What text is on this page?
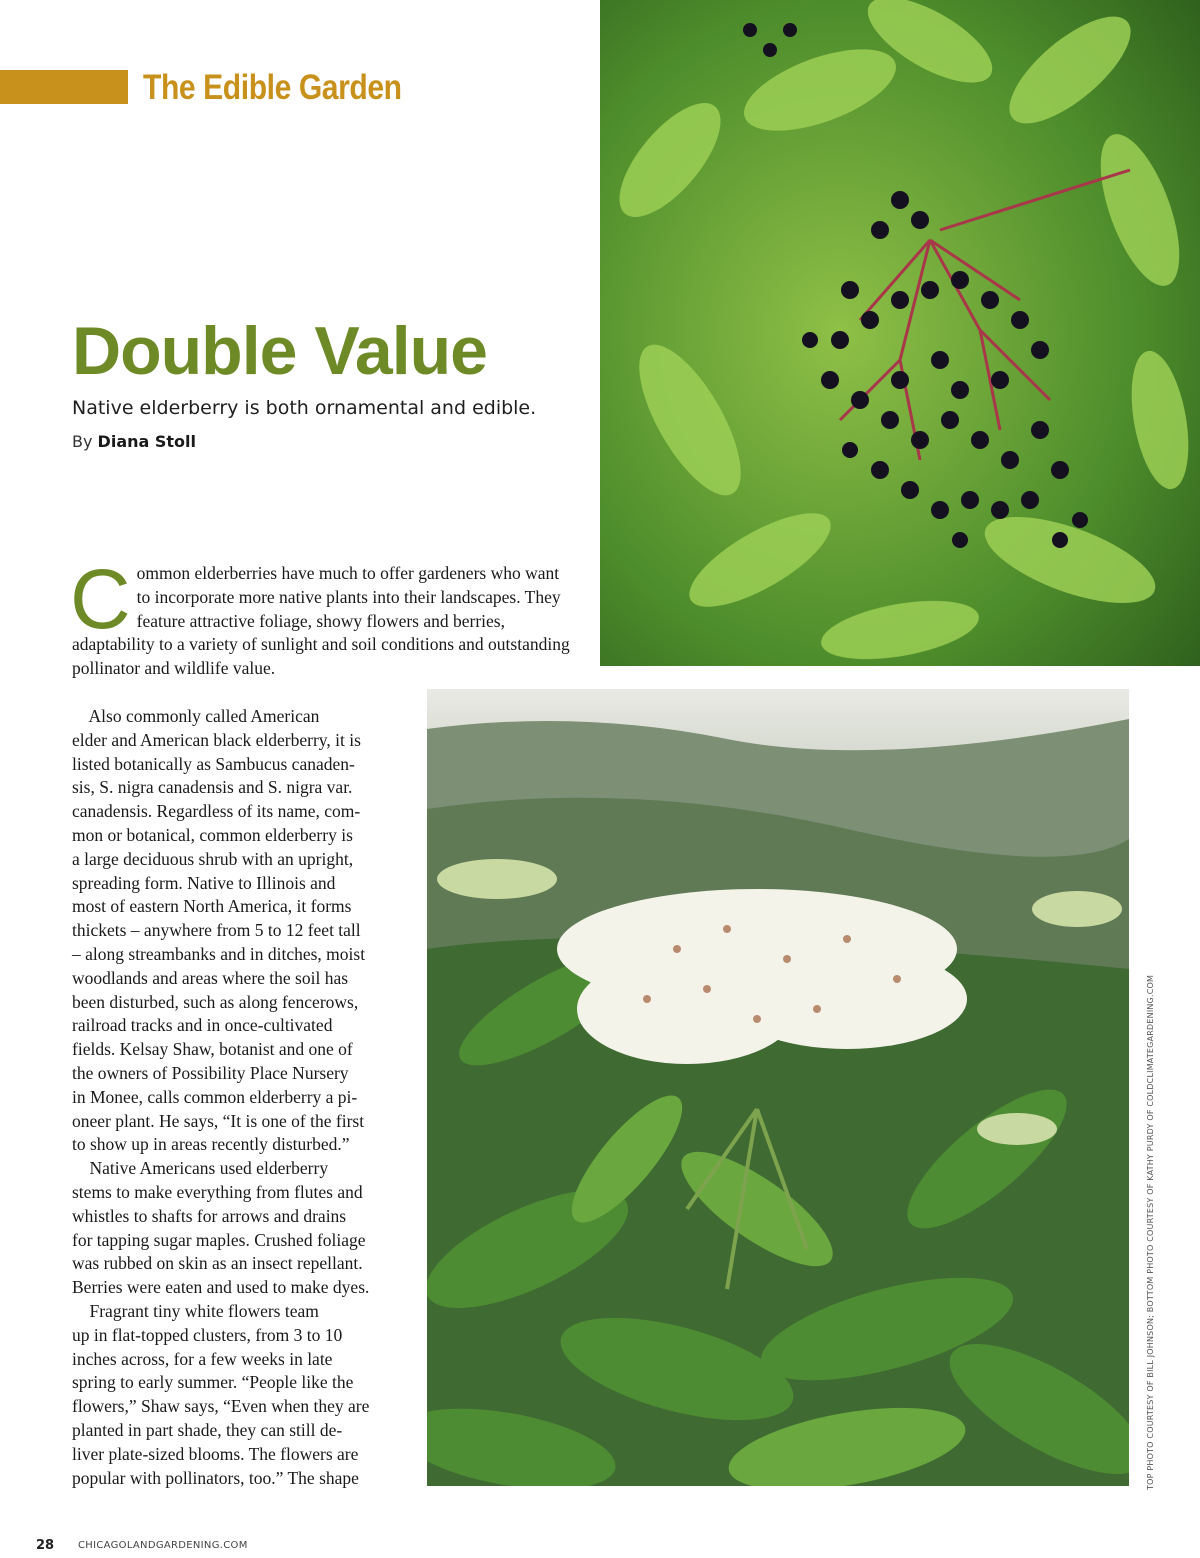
The Edible Garden
Double Value
Native elderberry is both ornamental and edible.
By Diana Stoll
TOP PHOTO COURTESY OF BILL JOHNSON; BOTTOM PHOTO COURTESY OF KATHY PURDY OF COLDCLIMATEGARDENING.COM
Common elderberries have much to offer gardeners who want to incorporate more native plants into their landscapes. They feature attractive foliage, showy flowers and berries, adaptability to a variety of sunlight and soil conditions and outstanding pollinator and wildlife value.
Also commonly called American
elder and American black elderberry, it is
listed botanically as Sambucus canaden-
sis, S. nigra canadensis and S. nigra var.
canadensis. Regardless of its name, com-
mon or botanical, common elderberry is
a large deciduous shrub with an upright,
spreading form. Native to Illinois and
most of eastern North America, it forms
thickets – anywhere from 5 to 12 feet tall
– along streambanks and in ditches, moist
woodlands and areas where the soil has
been disturbed, such as along fencerows,
railroad tracks and in once-cultivated
fields. Kelsay Shaw, botanist and one of
the owners of Possibility Place Nursery
in Monee, calls common elderberry a pi-
oneer plant. He says, “It is one of the first
to show up in areas recently disturbed.”
Native Americans used elderberry
stems to make everything from flutes and
whistles to shafts for arrows and drains
for tapping sugar maples. Crushed foliage
was rubbed on skin as an insect repellant.
Berries were eaten and used to make dyes.
Fragrant tiny white flowers team
up in flat-topped clusters, from 3 to 10
inches across, for a few weeks in late
spring to early summer. “People like the
flowers,” Shaw says, “Even when they are
planted in part shade, they can still de-
liver plate-sized blooms. The flowers are
popular with pollinators, too.” The shape
28 CHICAGOLANDGARDENING.COM
